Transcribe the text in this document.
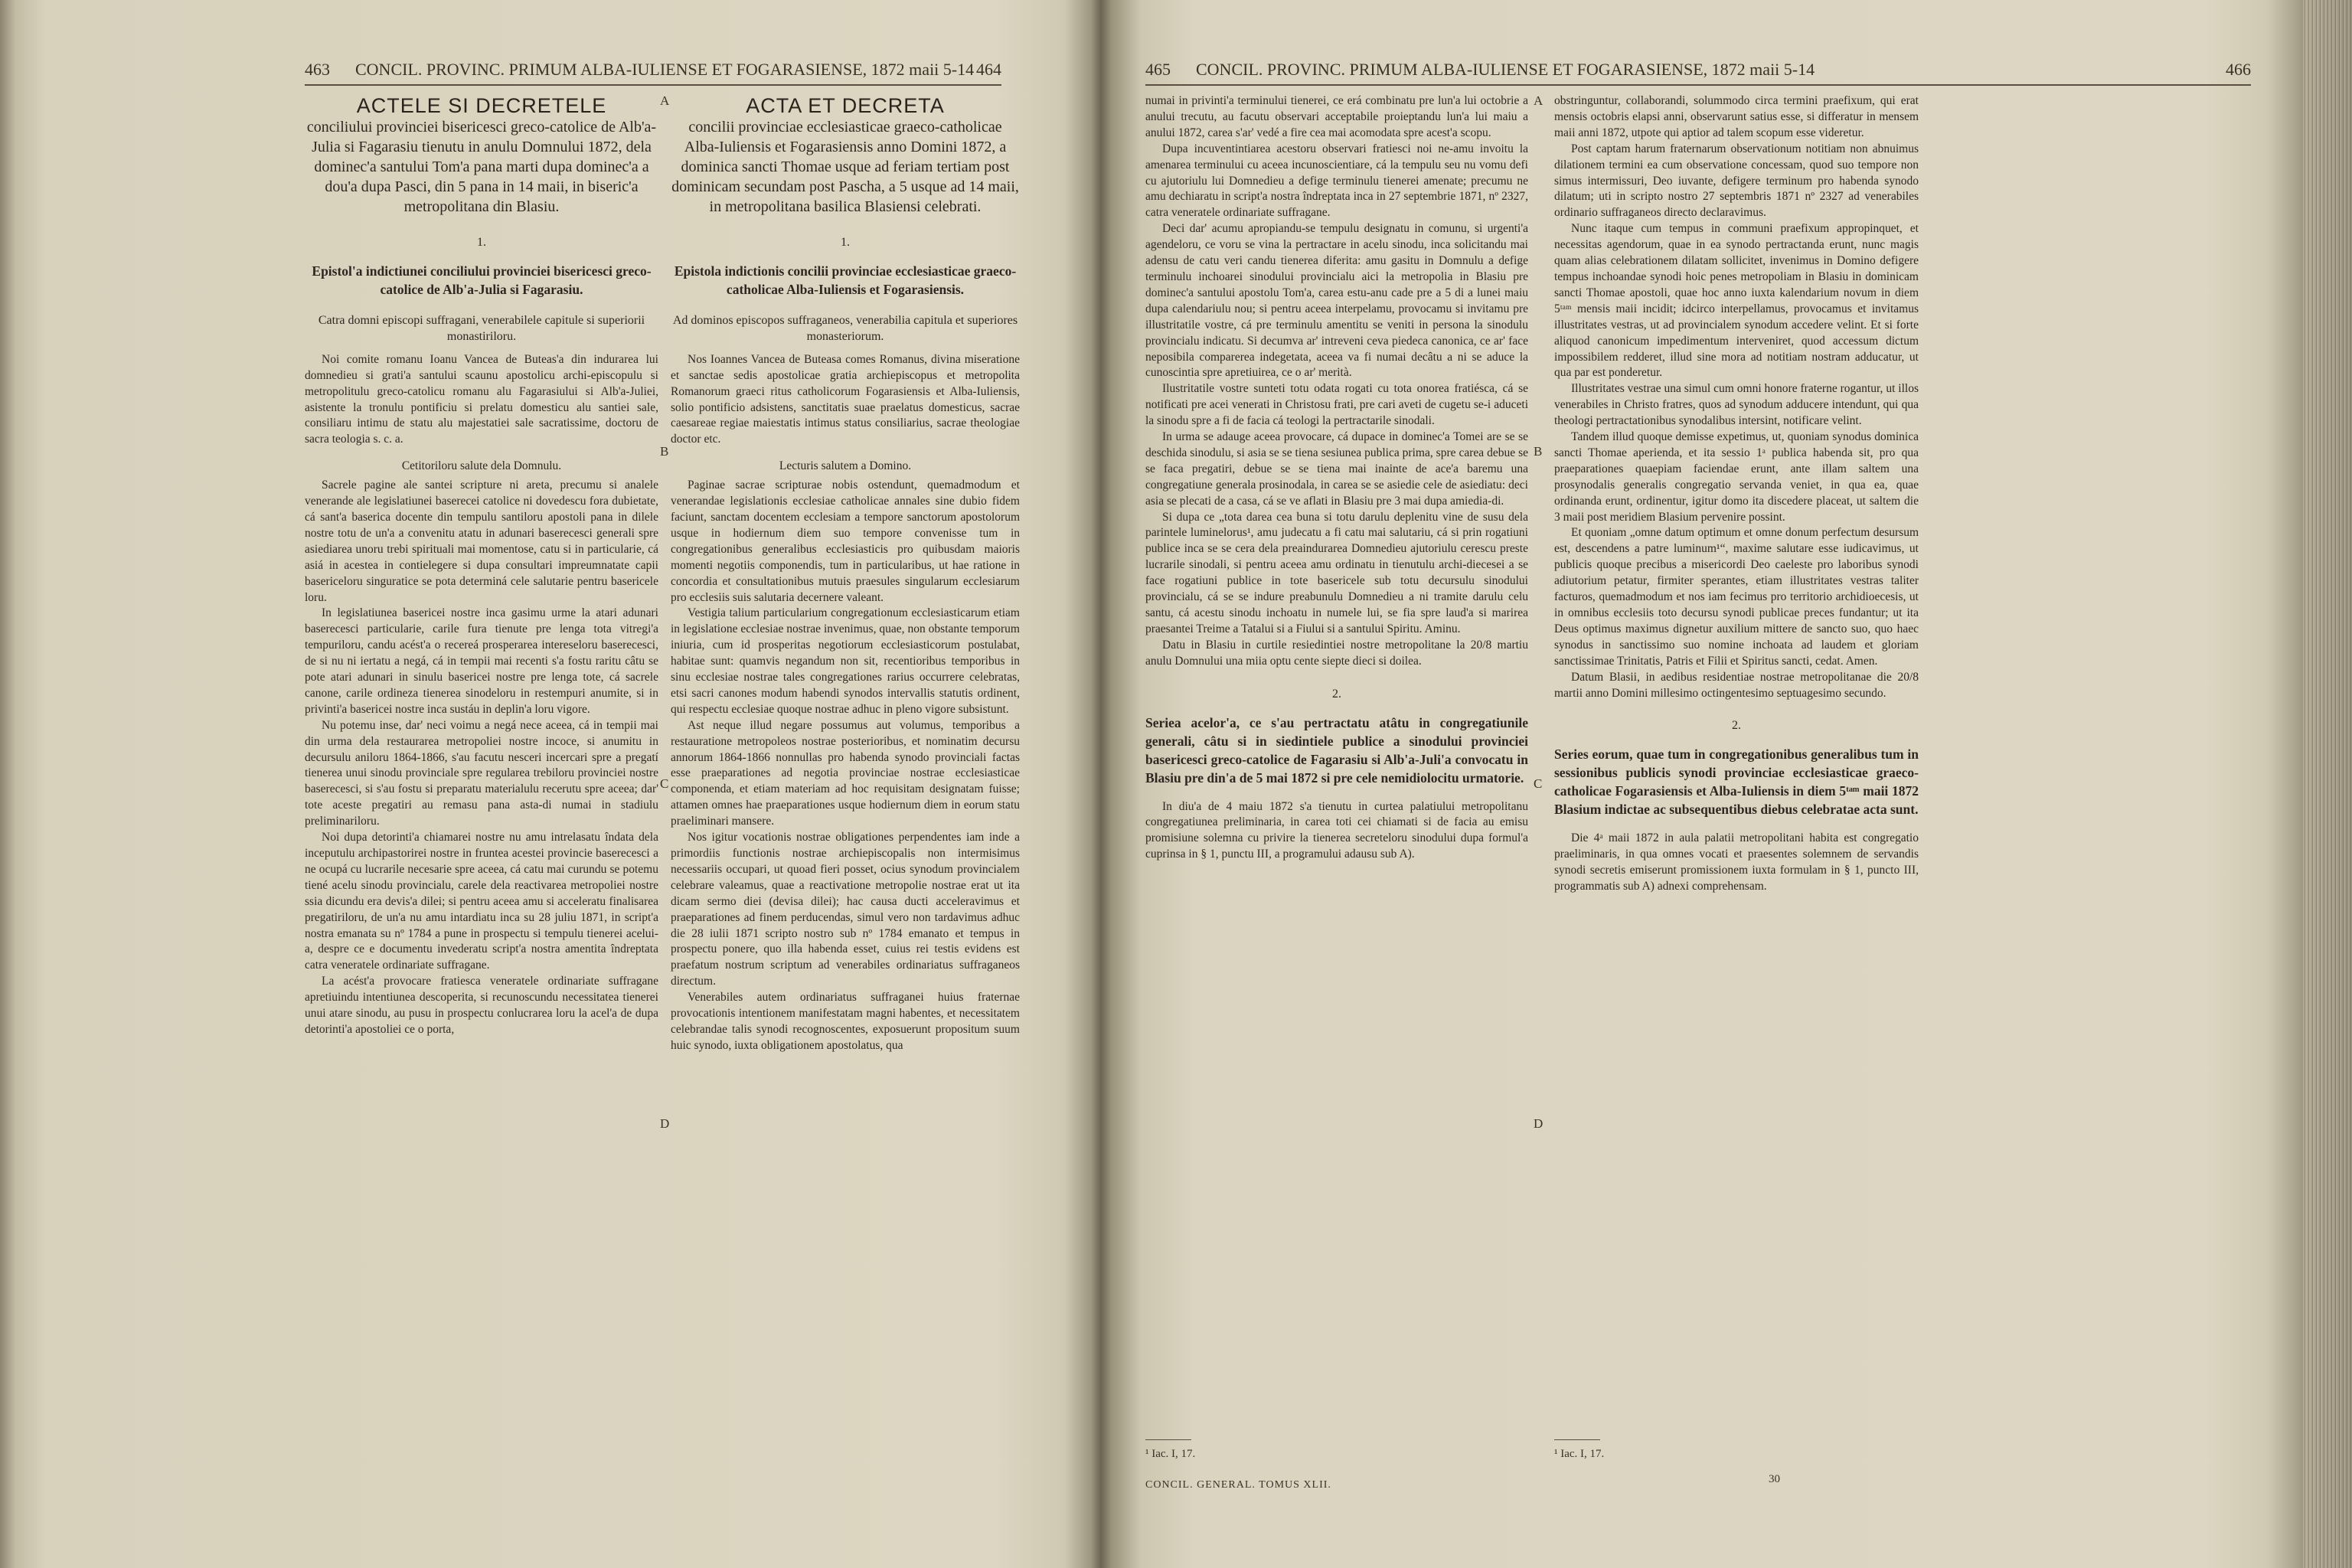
463 CONCIL. PROVINC. PRIMUM ALBA-IULIENSE ET FOGARASIENSE, 1872 maii 5-14 464
ACTELE SI DECRETELE

conciliului provinciei bisericesci greco-catolice de Alb'a-Julia si Fagarasiu tienutu in anulu Domnului 1872, dela dominec'a santului Tom'a pana marti dupa dominec'a a dou'a dupa Pasci, din 5 pana in 14 maii, in biseric'a metropolitana din Blasiu.

1.

Epistol'a indictiunei conciliului provinciei bisericesci greco-catolice de Alb'a-Julia si Fagarasiu.

Catra domni episcopi suffragani, venerabilele capitule si superiorii monastiriloru.

Noi comite romanu Ioanu Vancea de Buteas'a din indurarea lui domnedieu si grati'a santului scaunu apostolicu archi-episcopulu si metropolitulu greco-catolicu romanu alu Fagarasiului si Alb'a-Juliei, asistente la tronulu pontificiu si prelatu domesticu alu santiei sale, consiliaru intimu de statu alu majestatiei sale sacratissime, doctoru de sacra teologia s. c. a.

Cetitoriloru salute dela Domnulu.

Sacrele pagine ale santei scripture ni areta, precumu si analele venerande ale legislatiunei baserecei catolice ni dovedescu fora dubietate, cá sant'a baserica docente din tempulu santiloru apostoli pana in dilele nostre totu de un'a a convenitu atatu in adunari baserecesci generali spre asiediarea unoru trebi spirituali mai momentose, catu si in particularie, cá asiá in acestea in contielegere si dupa consultari impreumnatate capii basericeloru singuratice se pota determiná cele salutarie pentru basericele loru.

In legislatiunea basericei nostre inca gasimu urme la atari adunari baserecesci particularie, carile fura tienute pre lenga tota vitregi'a tempuriloru, candu acést'a o recereá prosperarea intereseloru baserecesci, de si nu ni iertatu a negá, cá in tempii mai recenti s'a fostu raritu câtu se pote atari adunari in sinulu basericei nostre pre lenga tote, cá sacrele canone, carile ordineza tienerea sinodeloru in restempuri anumite, si in privinti'a basericei nostre inca sustáu in deplin'a loru vigore.

Nu potemu inse, dar' neci voimu a negá nece aceea, cá in tempii mai din urma dela restaurarea metropoliei nostre incoce, si anumitu in decursulu aniloru 1864-1866, s'au facutu nesceri incercari spre a pregatí tienerea unui sinodu provinciale spre regularea trebiloru provinciei nostre baserecesci, si s'au fostu si preparatu materialulu recerutu spre aceea; dar' tote aceste pregatiri au remasu pana asta-di numai in stadiulu preliminariloru.

Noi dupa detorinti'a chiamarei nostre nu amu intrelasatu îndata dela inceputulu archipastorirei nostre in fruntea acestei provincie baserecesci a ne ocupá cu lucrarile necesarie spre aceea, cá catu mai curundu se potemu tiené acelu sinodu provincialu, carele dela reactivarea metropoliei nostre ssia dicundu era devis'a dilei; si pentru aceea amu si acceleratu finalisarea pregatiriloru, de un'a nu amu intardiatu inca su 28 juliu 1871, in script'a nostra emanata su nº 1784 a pune in prospectu si tempulu tienerei acelui-a, despre ce e documentu invederatu script'a nostra amentita îndreptata catra veneratele ordinariate suffragane.

La acést'a provocare fratiesca veneratele ordinariate suffragane apretiuindu intentiunea descoperita, si recunoscundu necessitatea tienerei unui atare sinodu, au pusu in prospectu conlucrarea loru la acel'a de dupa detorinti'a apostoliei ce o porta,

ACTA ET DECRETA

concilii provinciae ecclesiasticae graeco-catholicae Alba-Iuliensis et Fogarasiensis anno Domini 1872, a dominica sancti Thomae usque ad feriam tertiam post dominicam secundam post Pascha, a 5 usque ad 14 maii, in metropolitana basilica Blasiensi celebrati.

1.

Epistola indictionis concilii provinciae ecclesiasticae graeco-catholicae Alba-Iuliensis et Fogarasiensis.

Ad dominos episcopos suffraganeos, venerabilia capitula et superiores monasteriorum.

Nos Ioannes Vancea de Buteasa comes Romanus, divina miseratione et sanctae sedis apostolicae gratia archiepiscopus et metropolita Romanorum graeci ritus catholicorum Fogarasiensis et Alba-Iuliensis, solio pontificio adsistens, sanctitatis suae praelatus domesticus, sacrae caesareae regiae maiestatis intimus status consiliarius, sacrae theologiae doctor etc.

Lecturis salutem a Domino.

Paginae sacrae scripturae nobis ostendunt, quemadmodum et venerandae legislationis ecclesiae catholicae annales sine dubio fidem faciunt, sanctam docentem ecclesiam a tempore sanctorum apostolorum usque in hodiernum diem suo tempore convenisse tum in congregationibus generalibus ecclesiasticis pro quibusdam maioris momenti negotiis componendis, tum in particularibus, ut hae ratione in concordia et consultationibus mutuis praesules singularum ecclesiarum pro ecclesiis suis salutaria decernere valeant.

Vestigia talium particularium congregationum ecclesiasticarum etiam in legislatione ecclesiae nostrae invenimus, quae, non obstante temporum iniuria, cum id prosperitas negotiorum ecclesiasticorum postulabat, habitae sunt: quamvis negandum non sit, recentioribus temporibus in sinu ecclesiae nostrae tales congregationes rarius occurrere celebratas, etsi sacri canones modum habendi synodos intervallis statutis ordinent, qui respectu ecclesiae quoque nostrae adhuc in pleno vigore subsistunt.

Ast neque illud negare possumus aut volumus, temporibus a restauratione metropoleos nostrae posterioribus, et nominatim decursu annorum 1864-1866 nonnullas pro habenda synodo provinciali factas esse praeparationes ad negotia provinciae nostrae ecclesiasticae componenda, et etiam materiam ad hoc requisitam designatam fuisse; attamen omnes hae praeparationes usque hodiernum diem in eorum statu praeliminari mansere.

Nos igitur vocationis nostrae obligationes perpendentes iam inde a primordiis functionis nostrae archiepiscopalis non intermisimus necessariis occupari, ut quoad fieri posset, ocius synodum provincialem celebrare valeamus, quae a reactivatione metropolie nostrae erat ut ita dicam sermo diei (devisa dilei); hac causa ducti acceleravimus et praeparationes ad finem perducendas, simul vero non tardavimus adhuc die 28 iulii 1871 scripto nostro sub nº 1784 emanato et tempus in prospectu ponere, quo illa habenda esset, cuius rei testis evidens est praefatum nostrum scriptum ad venerabiles ordinariatus suffraganeos directum.

Venerabiles autem ordinariatus suffraganei huius fraternae provocationis intentionem manifestatam magni habentes, et necessitatem celebrandae talis synodi recognoscentes, exposuerunt propositum suum huic synodo, iuxta obligationem apostolatus, qua

A
B
C
D
465 CONCIL. PROVINC. PRIMUM ALBA-IULIENSE ET FOGARASIENSE, 1872 maii 5-14	466

numai in privinti'a terminului tienerei, ce erá combinatu pre lun'a lui octobrie a anului trecutu, au facutu observari acceptabile proieptandu lun'a lui maiu a anului 1872, carea s'ar' vedé a fire cea mai acomodata spre acest'a scopu.

Dupa incuventintiarea acestoru observari fratiesci noi ne-amu invoitu la amenarea terminului cu aceea incunoscientiare, cá la tempulu seu nu vomu defi cu ajutoriulu lui Domnedieu a defige terminulu tienerei amenate; precumu ne amu dechiaratu in script'a nostra îndreptata inca in 27 septembrie 1871, nº 2327, catra veneratele ordinariate suffragane.

Deci dar' acumu apropiandu-se tempulu designatu in comunu, si urgenti'a agendeloru, ce voru se vina la pertractare in acelu sinodu, inca solicitandu mai adensu de catu veri candu tienerea diferita: amu gasitu in Domnulu a defige terminulu inchoarei sinodului provincialu aici la metropolia in Blasiu pre dominec'a santului apostolu Tom'a, carea estu-anu cade pre a 5 di a lunei maiu dupa calendariulu nou; si pentru aceea interpelamu, provocamu si invitamu pre illustritatile vostre, cá pre terminulu amentitu se veniti in persona la sinodulu provincialu indicatu. Si decumva ar' intreveni ceva piedeca canonica, ce ar' face neposibila comparerea indegetata, aceea va fi numai decâtu a ni se aduce la cunoscintia spre apretiuirea, ce o ar' merità.

Ilustritatile vostre sunteti totu odata rogati cu tota onorea fratiésca, cá se notificati pre acei venerati in Christosu frati, pre cari aveti de cugetu se-i aduceti la sinodu spre a fi de facia cá teologi la pertractarile sinodali.

In urma se adauge aceea provocare, cá dupace in dominec'a Tomei are se se deschida sinodulu, si asia se se tiena sesiunea publica prima, spre carea debue se se faca pregatiri, debue se se tiena mai inainte de ace'a baremu una congregatiune generala prosinodala, in carea se se asiedie cele de asiediatu: deci asia se plecati de a casa, cá se ve aflati in Blasiu pre 3 mai dupa amiedia-di.

Si dupa ce „tota darea cea buna si totu darulu deplenitu vine de susu dela parintele luminelorus¹, amu judecatu a fi catu mai salutariu, cá si prin rogatiuni publice inca se se cera dela preaindurarea Domnedieu ajutoriulu cerescu preste lucrarile sinodali, si pentru aceea amu ordinatu in tienutulu archi-diecesei a se face rogatiuni publice in tote basericele sub totu decursulu sinodului provincialu, cá se se indure preabunulu Domnedieu a ni tramite darulu celu santu, cá acestu sinodu inchoatu in numele lui, se fia spre laud'a si marirea praesantei Treime a Tatalui si a Fiului si a santului Spiritu. Aminu.

Datu in Blasiu in curtile resiedintiei nostre metropolitane la 20/8 martiu anulu Domnului una miia optu cente siepte dieci si doilea.

2.

Seriea acelor'a, ce s'au pertractatu atâtu in congregatiunile generali, câtu si in siedintiele publice a sinodului provinciei basericesci greco-catolice de Fagarasiu si Alb'a-Juli'a convocatu in Blasiu pre din'a de 5 mai 1872 si pre cele nemidiolocitu urmatorie.

In diu'a de 4 maiu 1872 s'a tienutu in curtea palatiului metropolitanu congregatiunea preliminaria, in carea toti cei chiamati si de facia au emisu promisiune solemna cu privire la tienerea secreteloru sinodului dupa formul'a cuprinsa in § 1, punctu III, a programului adausu sub A).

obstringuntur, collaborandi, solummodo circa termini praefixum, qui erat mensis octobris elapsi anni, observarunt satius esse, si differatur in mensem maii anni 1872, utpote qui aptior ad talem scopum esse videretur.

Post captam harum fraternarum observationum notitiam non abnuimus dilationem termini ea cum observatione concessam, quod suo tempore non simus intermissuri, Deo iuvante, defigere terminum pro habenda synodo dilatum; uti in scripto nostro 27 septembris 1871 nº 2327 ad venerabiles ordinario suffraganeos directo declaravimus.

Nunc itaque cum tempus in communi praefixum appropinquet, et necessitas agendorum, quae in ea synodo pertractanda erunt, nunc magis quam alias celebrationem dilatam sollicitet, invenimus in Domino defigere tempus inchoandae synodi hoic penes metropoliam in Blasiu in dominicam sancti Thomae apostoli, quae hoc anno iuxta kalendarium novum in diem 5ᵗᵃᵐ mensis maii incidit; idcirco interpellamus, provocamus et invitamus illustritates vestras, ut ad provincialem synodum accedere velint. Et si forte aliquod canonicum impedimentum interveniret, quod accessum dictum impossibilem redderet, illud sine mora ad notitiam nostram adducatur, ut qua par est ponderetur.

Illustritates vestrae una simul cum omni honore fraterne rogantur, ut illos venerabiles in Christo fratres, quos ad synodum adducere intendunt, qui qua theologi pertractationibus synodalibus intersint, notificare velint.

Tandem illud quoque demisse expetimus, ut, quoniam synodus dominica sancti Thomae aperienda, et ita sessio 1ᵃ publica habenda sit, pro qua praeparationes quaepiam faciendae erunt, ante illam saltem una prosynodalis generalis congregatio servanda veniet, in qua ea, quae ordinanda erunt, ordinentur, igitur domo ita discedere placeat, ut saltem die 3 maii post meridiem Blasium pervenire possint.

Et quoniam „omne datum optimum et omne donum perfectum desursum est, descendens a patre luminum¹“, maxime salutare esse iudicavimus, ut publicis quoque precibus a misericordi Deo caeleste pro laboribus synodi adiutorium petatur, firmiter sperantes, etiam illustritates vestras taliter facturos, quemadmodum et nos iam fecimus pro territorio archidioecesis, ut in omnibus ecclesiis toto decursu synodi publicae preces fundantur; ut ita Deus optimus maximus dignetur auxilium mittere de sancto suo, quo haec synodus in sanctissimo suo nomine inchoata ad laudem et gloriam sanctissimae Trinitatis, Patris et Filii et Spiritus sancti, cedat. Amen.

Datum Blasii, in aedibus residentiae nostrae metropolitanae die 20/8 martii anno Domini millesimo octingentesimo septuagesimo secundo.

2.

Series eorum, quae tum in congregationibus generalibus tum in sessionibus publicis synodi provinciae ecclesiasticae graeco-catholicae Fogarasiensis et Alba-Iuliensis in diem 5ᵗᵃᵐ maii 1872 Blasium indictae ac subsequentibus diebus celebratae acta sunt.

Die 4ᵃ maii 1872 in aula palatii metropolitani habita est congregatio praeliminaris, in qua omnes vocati et praesentes solemnem de servandis synodi secretis emiserunt promissionem iuxta formulam in § 1, puncto III, programmatis sub A) adnexi comprehensam.

A
B
C
D
¹ Iac. I, 17.	¹ Iac. I, 17.
CONCIL. GENERAL. TOMUS XLII.	30
